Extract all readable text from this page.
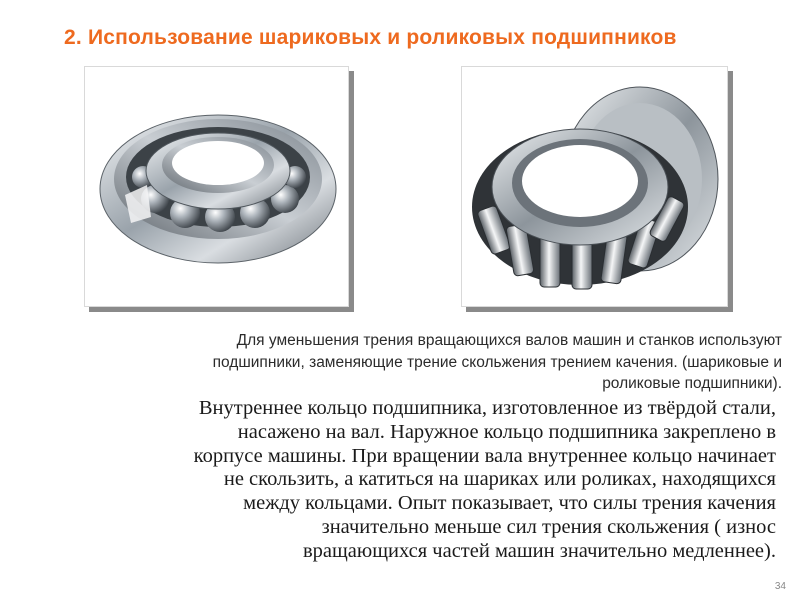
2. Использование шариковых и роликовых подшипников

Для уменьшения трения вращающихся валов машин и станков используют

подшипники, заменяющие трение скольжения трением качения. (шариковые и

роликовые подшипники).

Внутреннее кольцо подшипника, изготовленное из твёрдой стали,

насажено на вал. Наружное кольцо подшипника закреплено в

корпусе машины. При вращении вала внутреннее кольцо начинает

не скользить, а катиться на шариках или роликах, находящихся

между кольцами. Опыт показывает, что силы трения качения

значительно меньше сил трения скольжения ( износ

вращающихся частей машин значительно медленнее).

34
